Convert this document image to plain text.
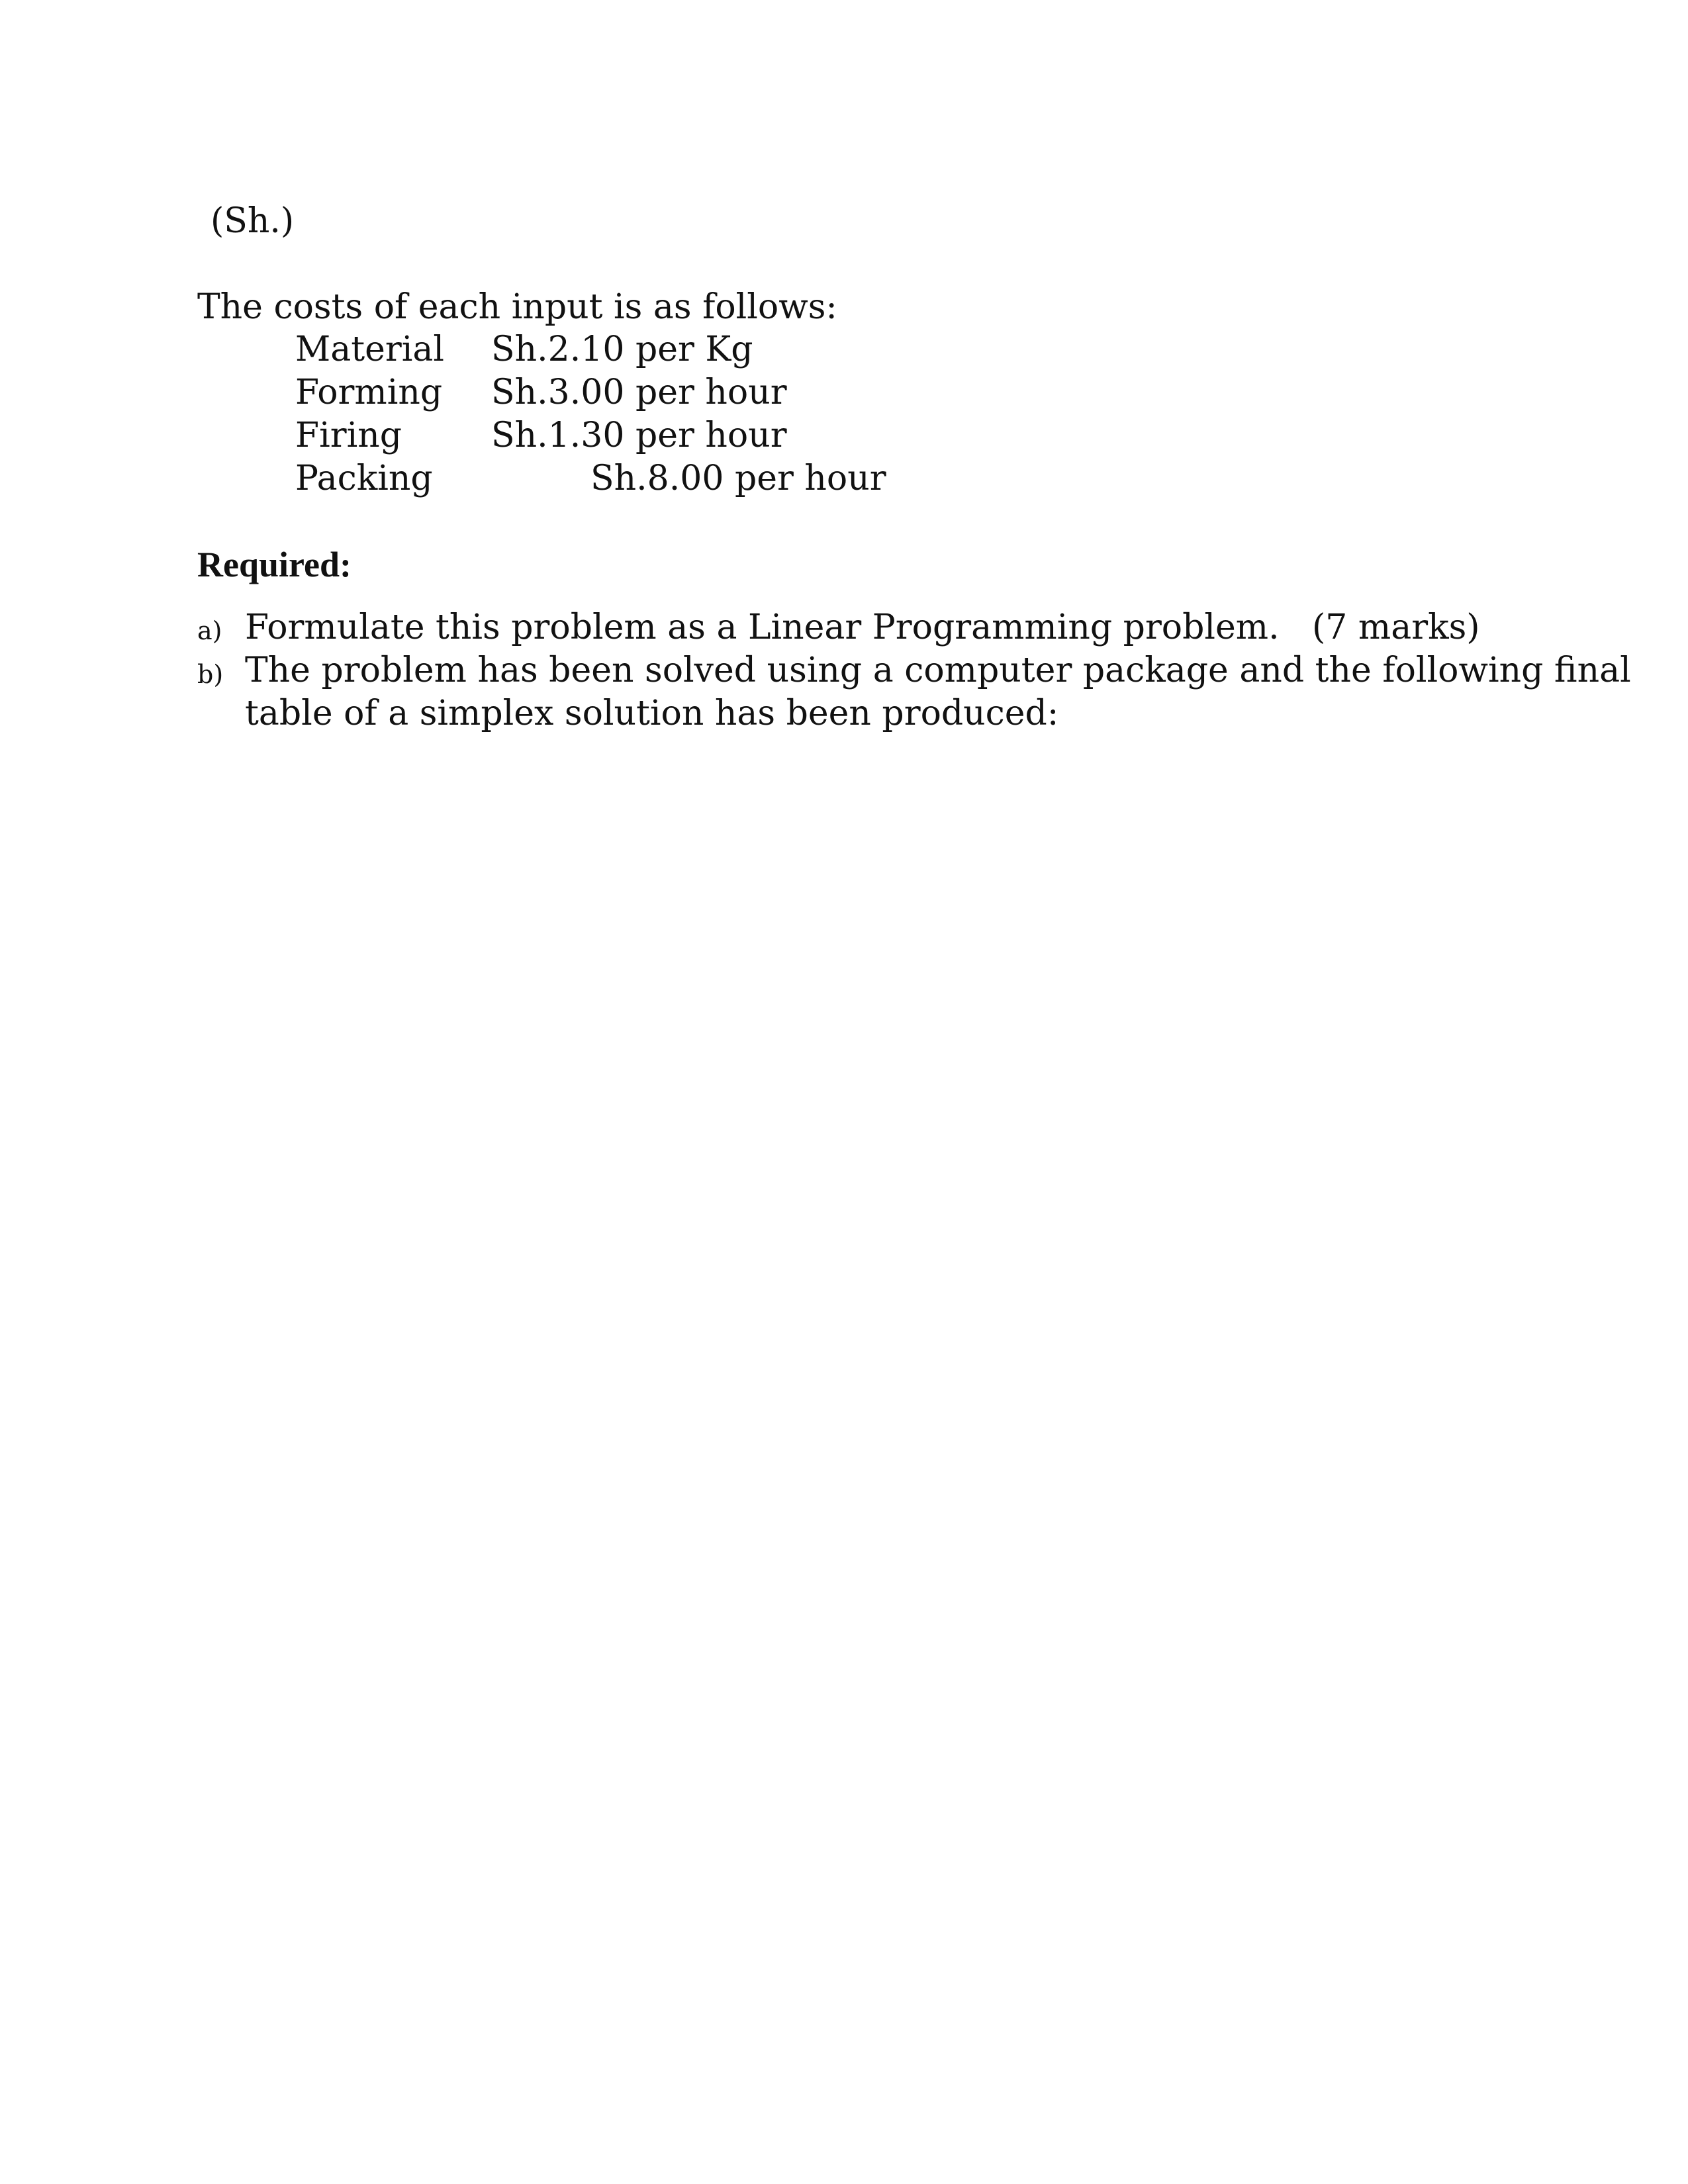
(Sh.)
The costs of each input is as follows:
Material Sh.2.10 per Kg
Forming Sh.3.00 per hour
Firing	Sh.1.30 per hour
Packing	Sh.8.00 per hour
Required:
a) Formulate this problem as a Linear Programming problem. (7 marks)
b) The problem has been solved using a computer package and the following final
table of a simplex solution has been produced:
